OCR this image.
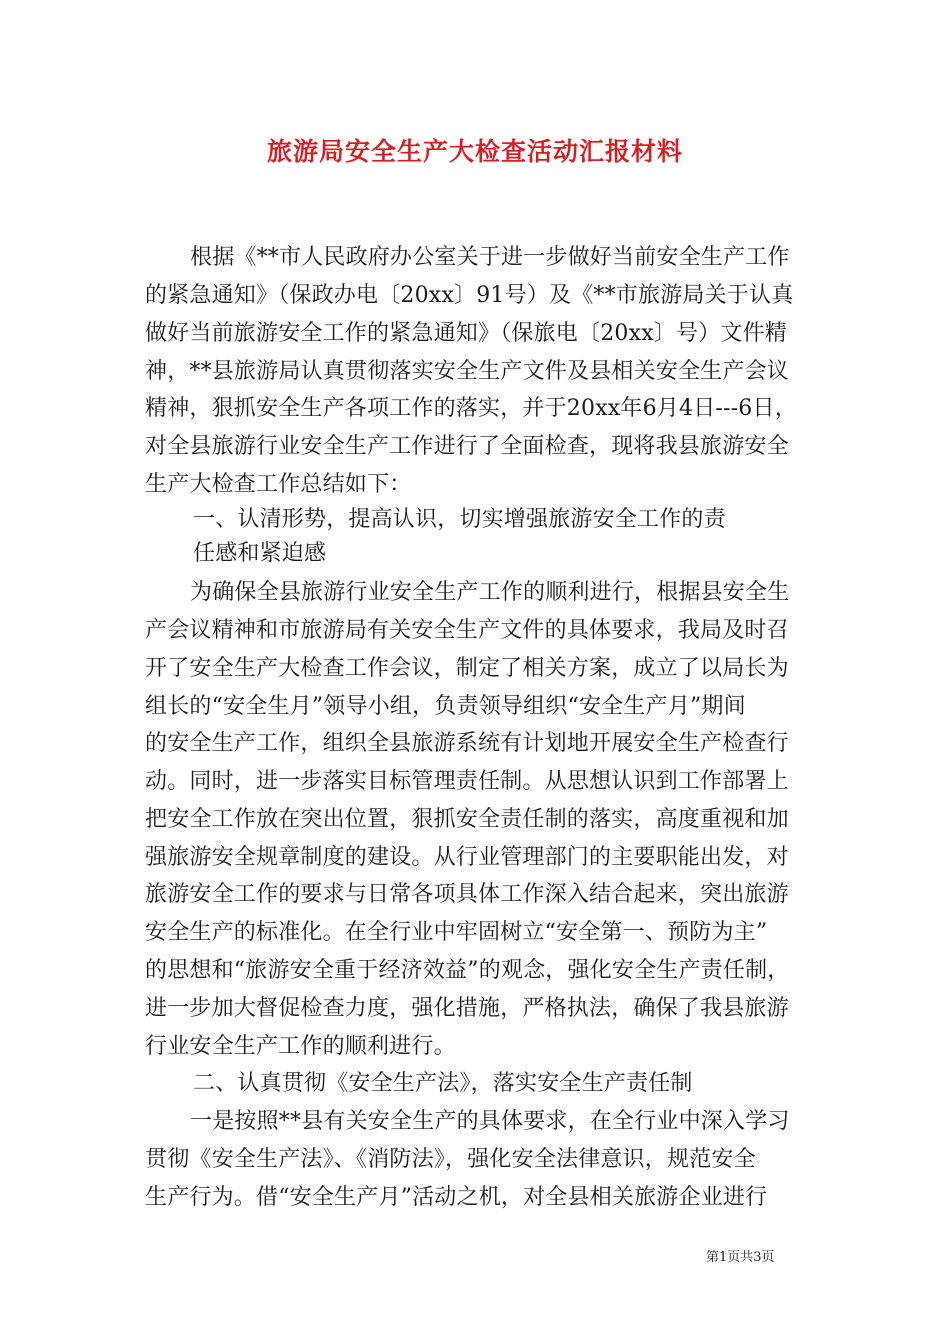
旅游局安全生产大检查活动汇报材料
根据《**市人民政府办公室关于进一步做好当前安全生产工作
的紧急通知》（保政办电〔20xx〕91号）及《**市旅游局关于认真
做好当前旅游安全工作的紧急通知》（保旅电〔20xx〕号）文件精
神，**县旅游局认真贯彻落实安全生产文件及县相关安全生产会议
精神，狠抓安全生产各项工作的落实，并于20xx年6月4日---6日，
对全县旅游行业安全生产工作进行了全面检查，现将我县旅游安全
生产大检查工作总结如下：
一、认清形势，提高认识，切实增强旅游安全工作的责
任感和紧迫感
为确保全县旅游行业安全生产工作的顺利进行，根据县安全生
产会议精神和市旅游局有关安全生产文件的具体要求，我局及时召
开了安全生产大检查工作会议，制定了相关方案，成立了以局长为
组长的“安全生月”领导小组，负责领导组织“安全生产月”期间
的安全生产工作，组织全县旅游系统有计划地开展安全生产检查行
动。同时，进一步落实目标管理责任制。从思想认识到工作部署上
把安全工作放在突出位置，狠抓安全责任制的落实，高度重视和加
强旅游安全规章制度的建设。从行业管理部门的主要职能出发，对
旅游安全工作的要求与日常各项具体工作深入结合起来，突出旅游
安全生产的标准化。在全行业中牢固树立“安全第一、预防为主”
的思想和“旅游安全重于经济效益”的观念，强化安全生产责任制，
进一步加大督促检查力度，强化措施，严格执法，确保了我县旅游
行业安全生产工作的顺利进行。
二、认真贯彻《安全生产法》，落实安全生产责任制
一是按照**县有关安全生产的具体要求，在全行业中深入学习
贯彻《安全生产法》、《消防法》，强化安全法律意识，规范安全
生产行为。借“安全生产月”活动之机，对全县相关旅游企业进行
第1页共3页
